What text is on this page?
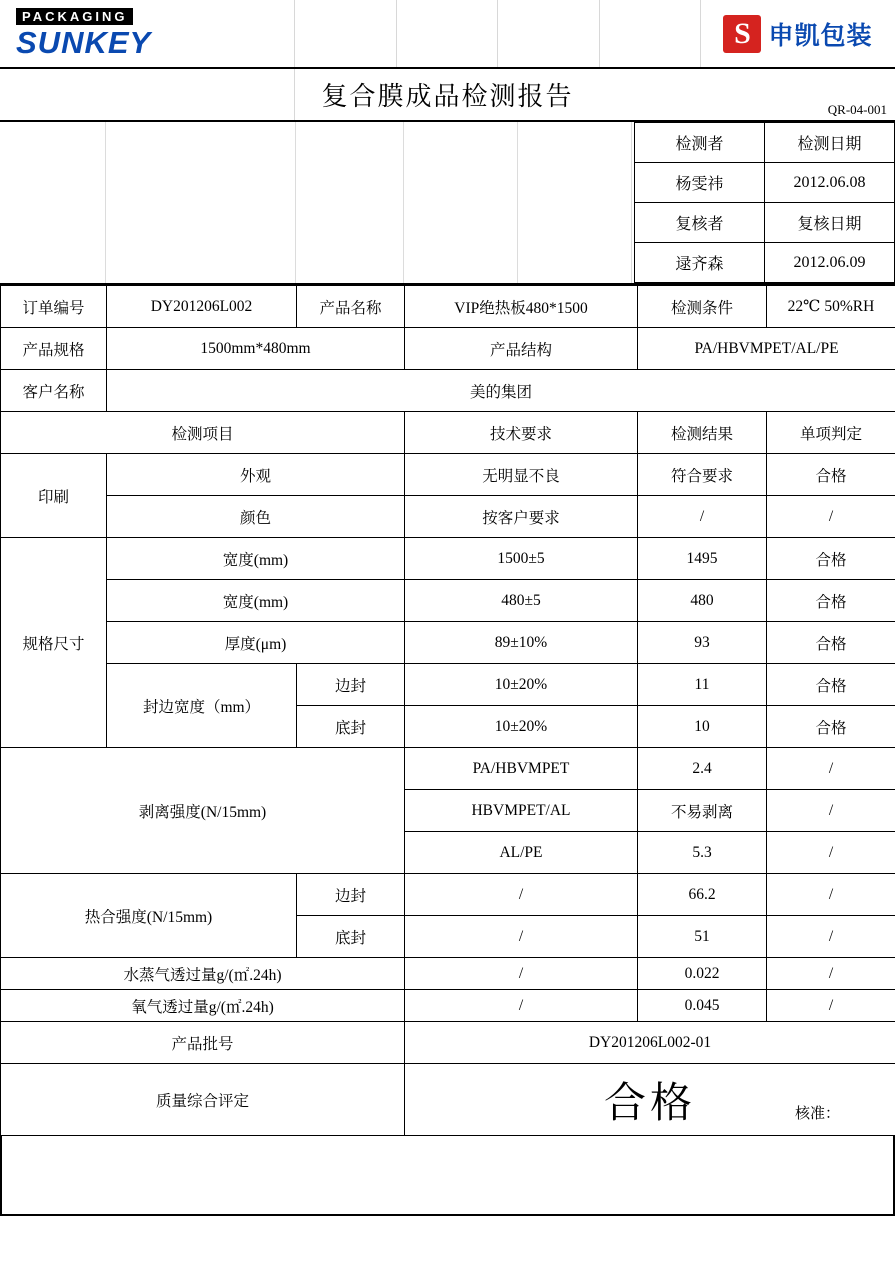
PACKAGING
SUNKEY	S 申凯包装
复合膜成品检测报告	QR-04-001
检测者	检测日期
杨雯祎	2012.06.08
复核者	复核日期
逯齐森	2012.06.09
订单编号	DY201206L002	产品名称	VIP绝热板480*1500	检测条件	22℃ 50%RH
产品规格	1500mm*480mm		产品结构	PA/HBVMPET/AL/PE	
客户名称	美的集团				
检测项目			技术要求	检测结果	单项判定
印刷	外观		无明显不良	符合要求	合格
	颜色		按客户要求	/	/
规格尺寸	宽度(mm)		1500±5	1495	合格
	宽度(mm)		480±5	480	合格
	厚度(μm)		89±10%	93	合格
	封边宽度（mm）	边封	10±20%	11	合格
		底封	10±20%	10	合格
剥离强度(N/15mm)			PA/HBVMPET	2.4	/
			HBVMPET/AL	不易剥离	/
			AL/PE	5.3	/
热合强度(N/15mm)		边封	/	66.2	/
		底封	/	51	/
水蒸气透过量g/(㎡.24h)			/	0.022	/
氧气透过量g/(㎡.24h)			/	0.045	/
产品批号			DY201206L002-01		
质量综合评定			合格 核准：		
